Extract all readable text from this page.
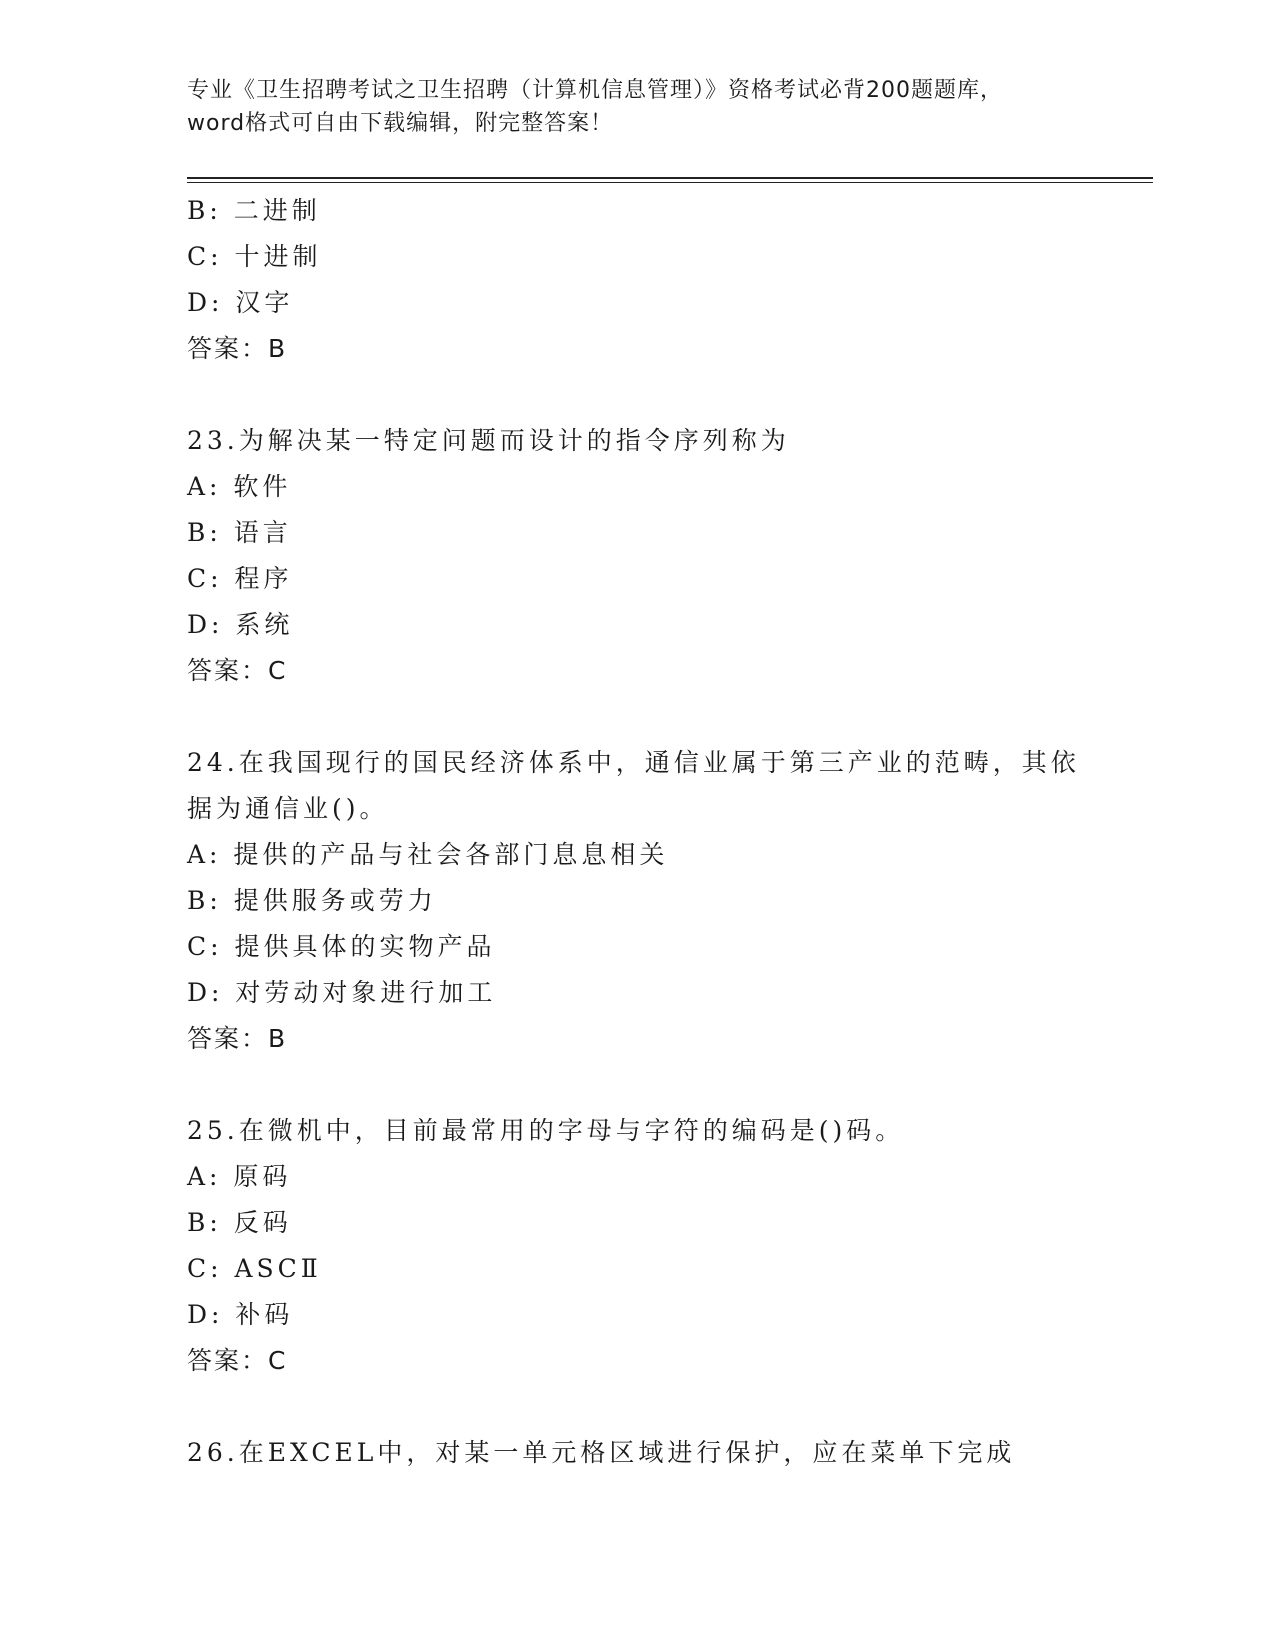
专业《卫生招聘考试之卫生招聘（计算机信息管理）》资格考试必背200题题库，
word格式可自由下载编辑，附完整答案！
B: 二进制
C: 十进制
D: 汉字
答案：B
23.为解决某一特定问题而设计的指令序列称为
A: 软件
B: 语言
C: 程序
D: 系统
答案：C
24.在我国现行的国民经济体系中，通信业属于第三产业的范畴，其依
据为通信业()。
A: 提供的产品与社会各部门息息相关
B: 提供服务或劳力
C: 提供具体的实物产品
D: 对劳动对象进行加工
答案：B
25.在微机中，目前最常用的字母与字符的编码是()码。
A: 原码
B: 反码
C: ASCⅡ
D: 补码
答案：C
26.在EXCEL中，对某一单元格区域进行保护，应在菜单下完成
